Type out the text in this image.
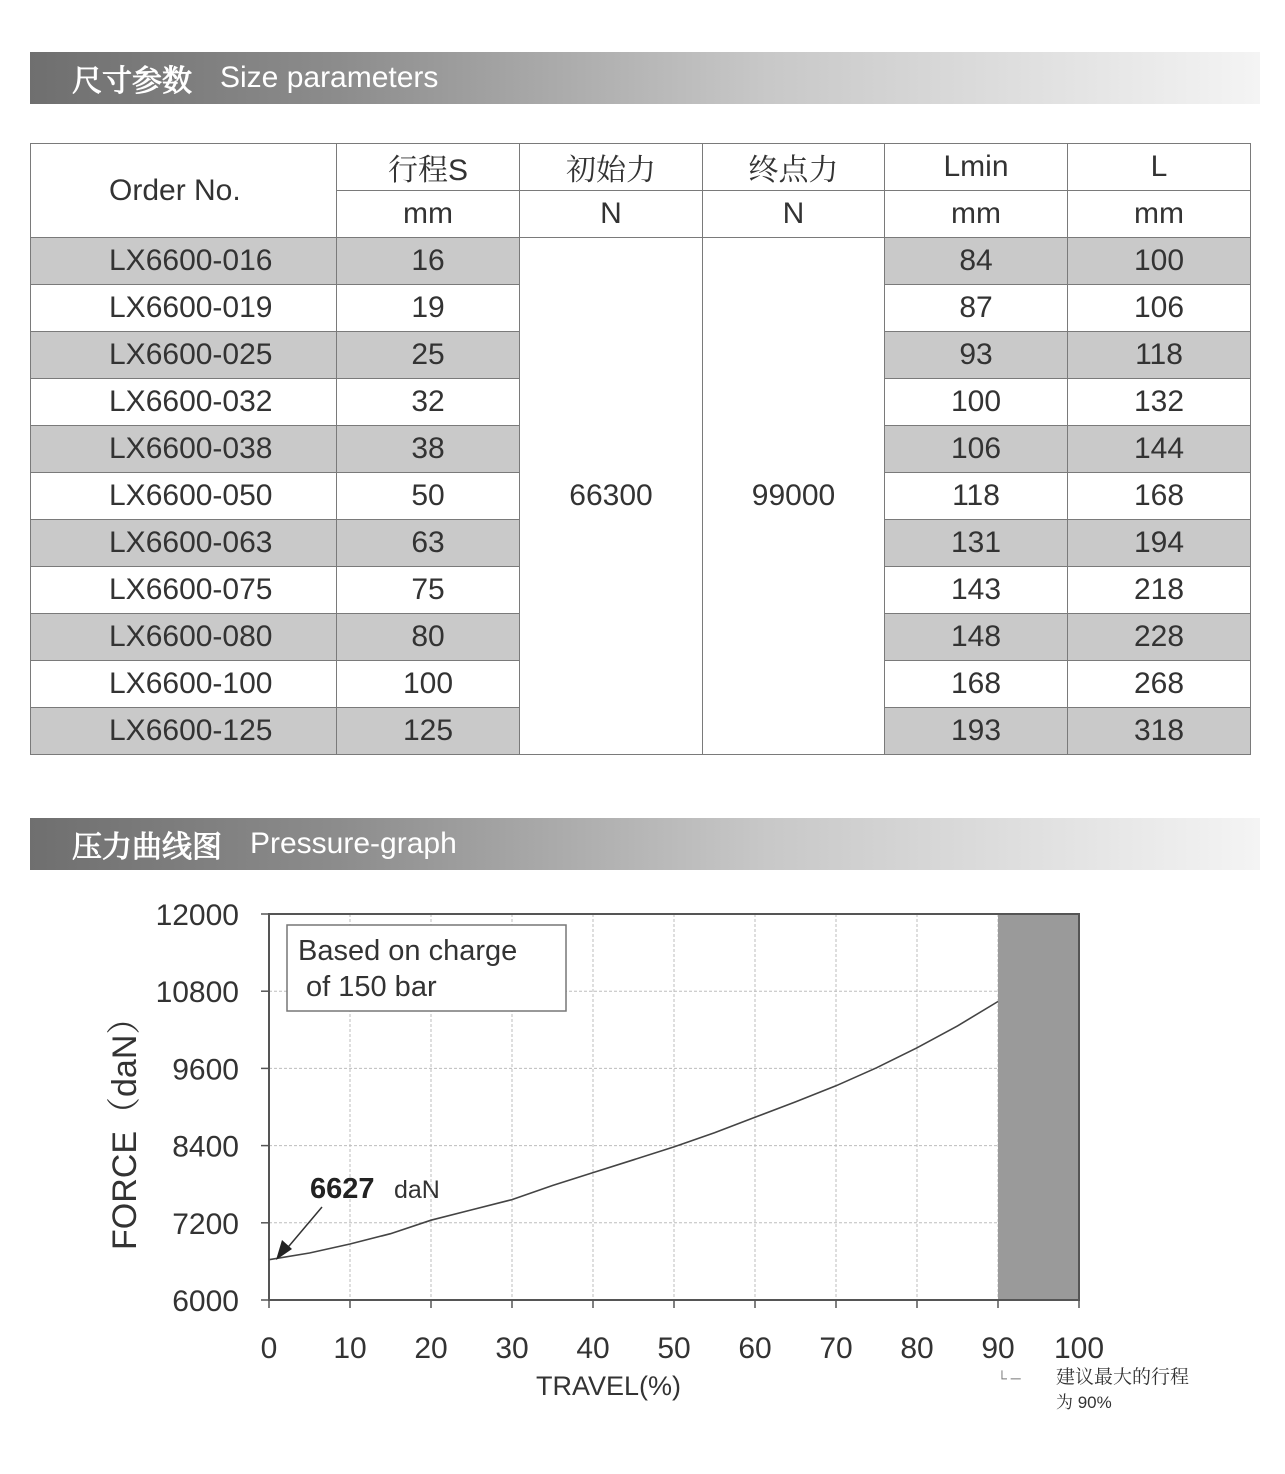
尺寸参数 Size parameters
Order No.	行程S	初始力	终点力	Lmin	L
	mm	N	N	mm	mm
LX6600-016	16	66300	99000	84	100
LX6600-019	19			87	106
LX6600-025	25			93	118
LX6600-032	32			100	132
LX6600-038	38			106	144
LX6600-050	50			118	168
LX6600-063	63			131	194
LX6600-075	75			143	218
LX6600-080	80			148	228
LX6600-100	100			168	268
LX6600-125	125			193	318
压力曲线图 Pressure-graph
0 10 20 30 40 50 60 70 80 90 100
6000
7200
8400
9600
10800
12000
Based on charge
of 150 bar
6627 daN
TRAVEL(%)
FORCE（daN）
└ ─ 建议最大的行程
为 90%
